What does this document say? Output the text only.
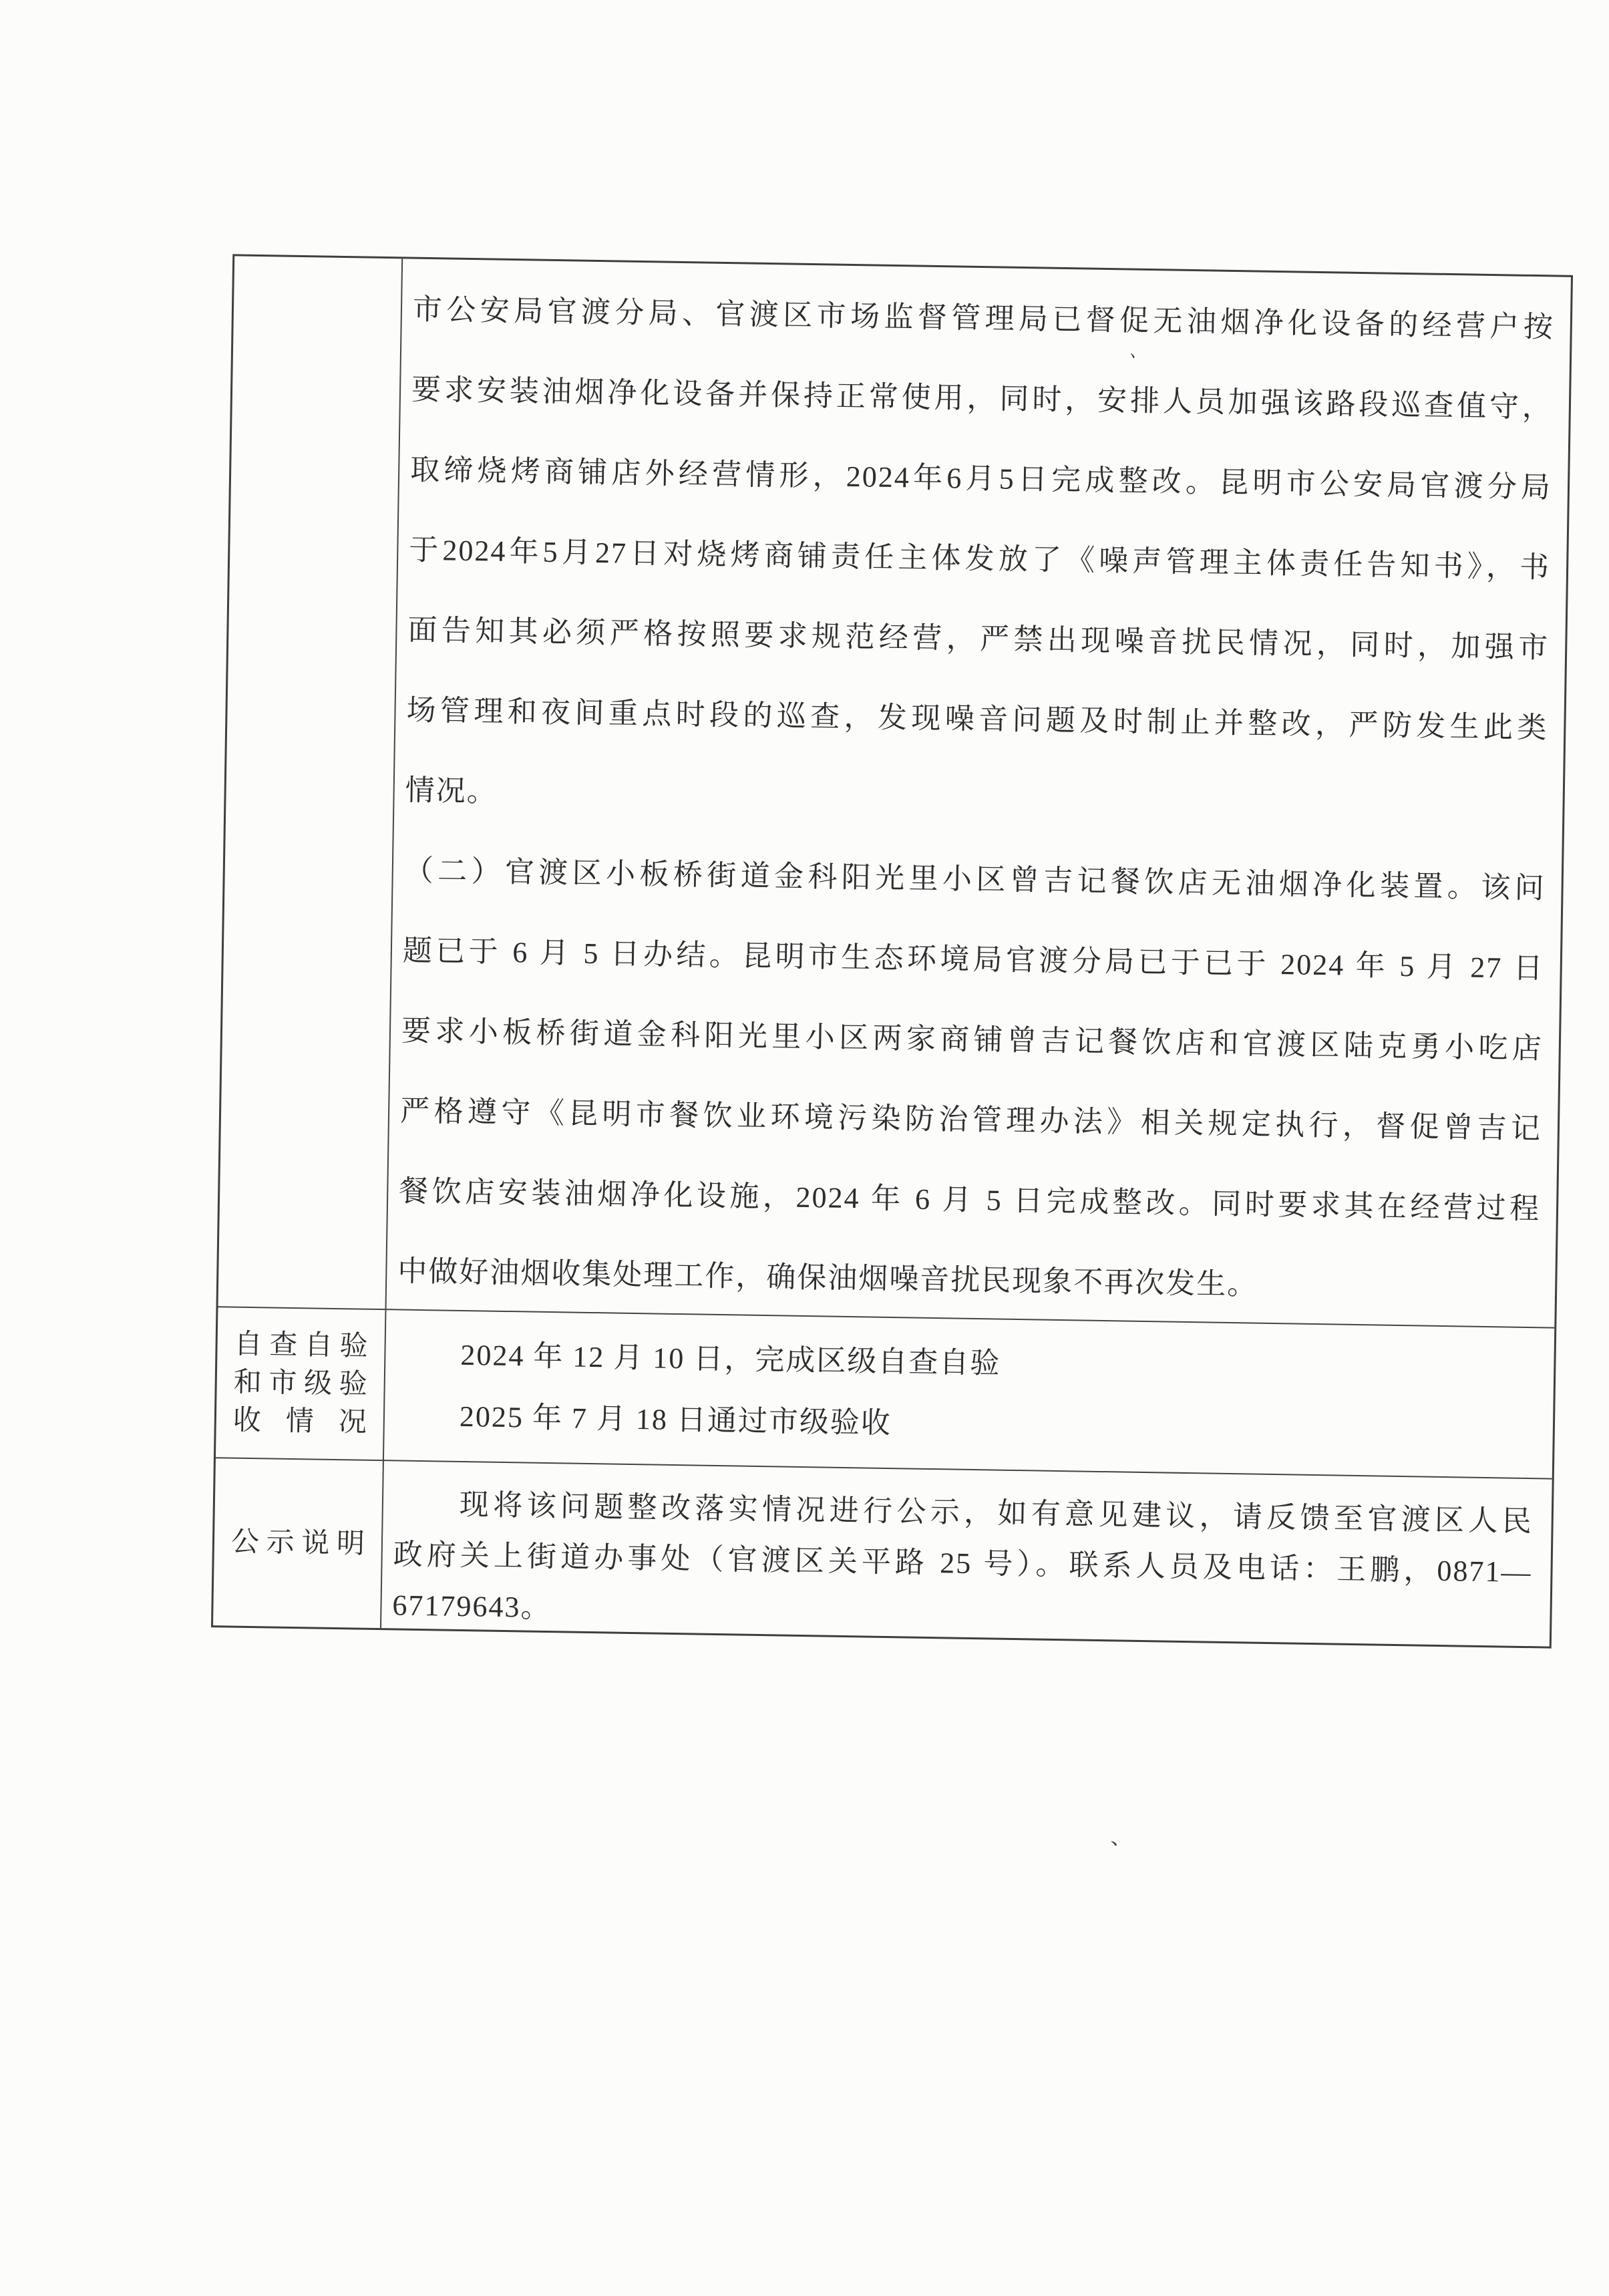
市公安局官渡分局、官渡区市场监督管理局已督促无油烟净化设备的经营户按
要求安装油烟净化设备并保持正常使用，同时，安排人员加强该路段巡查值守，
取缔烧烤商铺店外经营情形，2024年6月5日完成整改。昆明市公安局官渡分局
于2024年5月27日对烧烤商铺责任主体发放了《噪声管理主体责任告知书》，书
面告知其必须严格按照要求规范经营，严禁出现噪音扰民情况，同时，加强市
场管理和夜间重点时段的巡查，发现噪音问题及时制止并整改，严防发生此类
情况。
（二）官渡区小板桥街道金科阳光里小区曾吉记餐饮店无油烟净化装置。该问
题已于 6 月 5 日办结。昆明市生态环境局官渡分局已于已于 2024 年 5 月 27 日
要求小板桥街道金科阳光里小区两家商铺曾吉记餐饮店和官渡区陆克勇小吃店
严格遵守《昆明市餐饮业环境污染防治管理办法》相关规定执行，督促曾吉记
餐饮店安装油烟净化设施，2024 年 6 月 5 日完成整改。同时要求其在经营过程
中做好油烟收集处理工作，确保油烟噪音扰民现象不再次发生。
自查自验
和市级验
收情况
2024 年 12 月 10 日，完成区级自查自验
2025 年 7 月 18 日通过市级验收
公示说明
现将该问题整改落实情况进行公示，如有意见建议，请反馈至官渡区人民
政府关上街道办事处（官渡区关平路 25 号）。联系人员及电话：王鹏，0871—
67179643。
、
、
